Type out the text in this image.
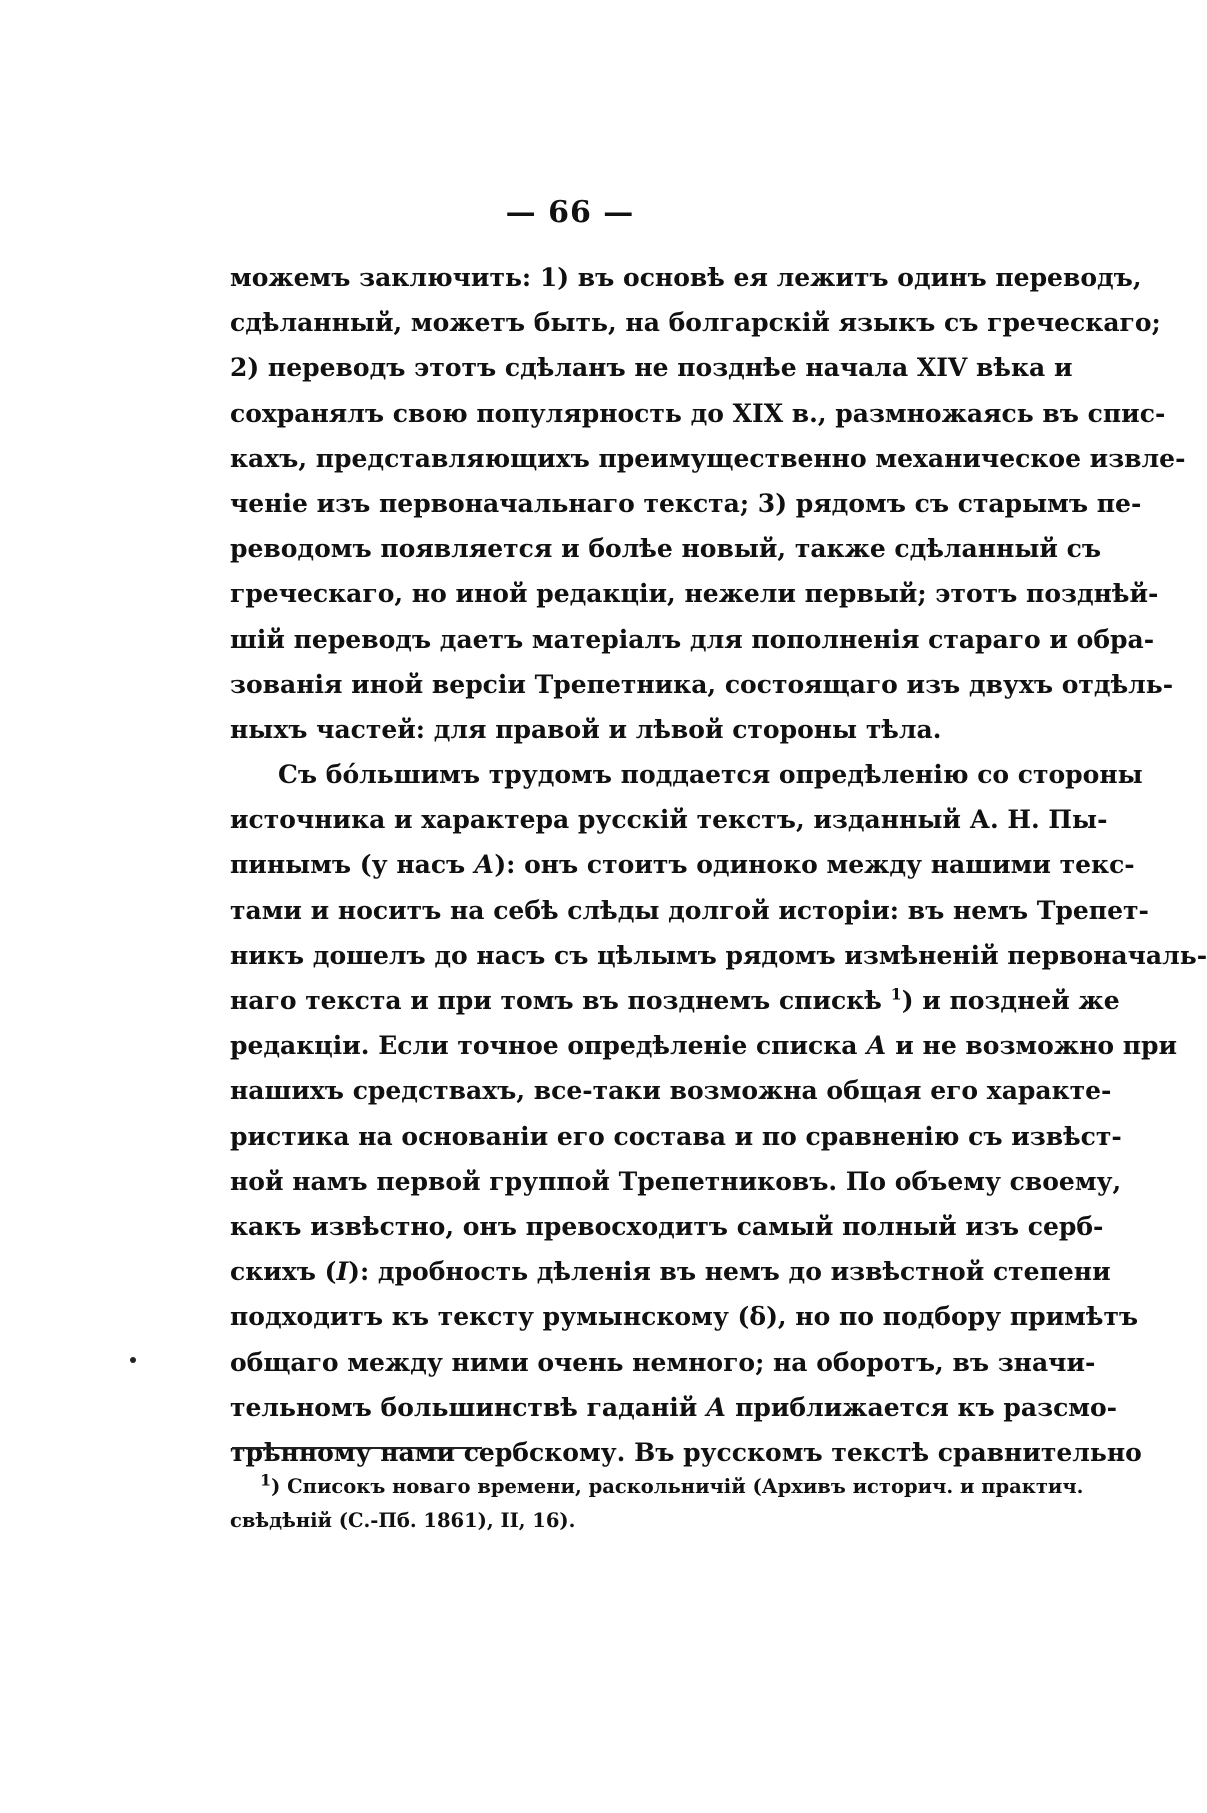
— 66 —
можемъ заключить: 1) въ основѣ ея лежитъ одинъ переводъ,
сдѣланный, можетъ быть, на болгарскій языкъ съ греческаго;
2) переводъ этотъ сдѣланъ не позднѣе начала XIV вѣка и
сохранялъ свою популярность до XIX в., размножаясь въ спис-
кахъ, представляющихъ преимущественно механическое извле-
ченіе изъ первоначальнаго текста; 3) рядомъ съ старымъ пе-
реводомъ появляется и болѣе новый, также сдѣланный съ
греческаго, но иной редакціи, нежели первый; этотъ позднѣй-
шій переводъ даетъ матеріалъ для пополненія стараго и обра-
зованія иной версіи Трепетника, состоящаго изъ двухъ отдѣль-
ныхъ частей: для правой и лѣвой стороны тѣла.
Съ бо́льшимъ трудомъ поддается опредѣленію со стороны
источника и характера русскій текстъ, изданный А. Н. Пы-
пинымъ (у насъ А): онъ стоитъ одиноко между нашими текс-
тами и носитъ на себѣ слѣды долгой исторіи: въ немъ Трепет-
никъ дошелъ до насъ съ цѣлымъ рядомъ измѣненій первоначаль-
наго текста и при томъ въ позднемъ спискѣ $^1$) и поздней же
редакціи. Если точное опредѣленіе списка А и не возможно при
нашихъ средствахъ, все-таки возможна общая его характе-
ристика на основаніи его состава и по сравненію съ извѣст-
ной намъ первой группой Трепетниковъ. По объему своему,
какъ извѣстно, онъ превосходитъ самый полный изъ серб-
скихъ (I): дробность дѣленія въ немъ до извѣстной степени
подходитъ къ тексту румынскому (δ), но по подбору примѣтъ
общаго между ними очень немного; на оборотъ, въ значи-
тельномъ большинствѣ гаданій А приближается къ разсмо-
трѣнному нами сербскому. Въ русскомъ текстѣ сравнительно
$^1$) Списокъ новаго времени, раскольничій (Архивъ историч. и практич.
свѣдѣній (С.-Пб. 1861), II, 16).
